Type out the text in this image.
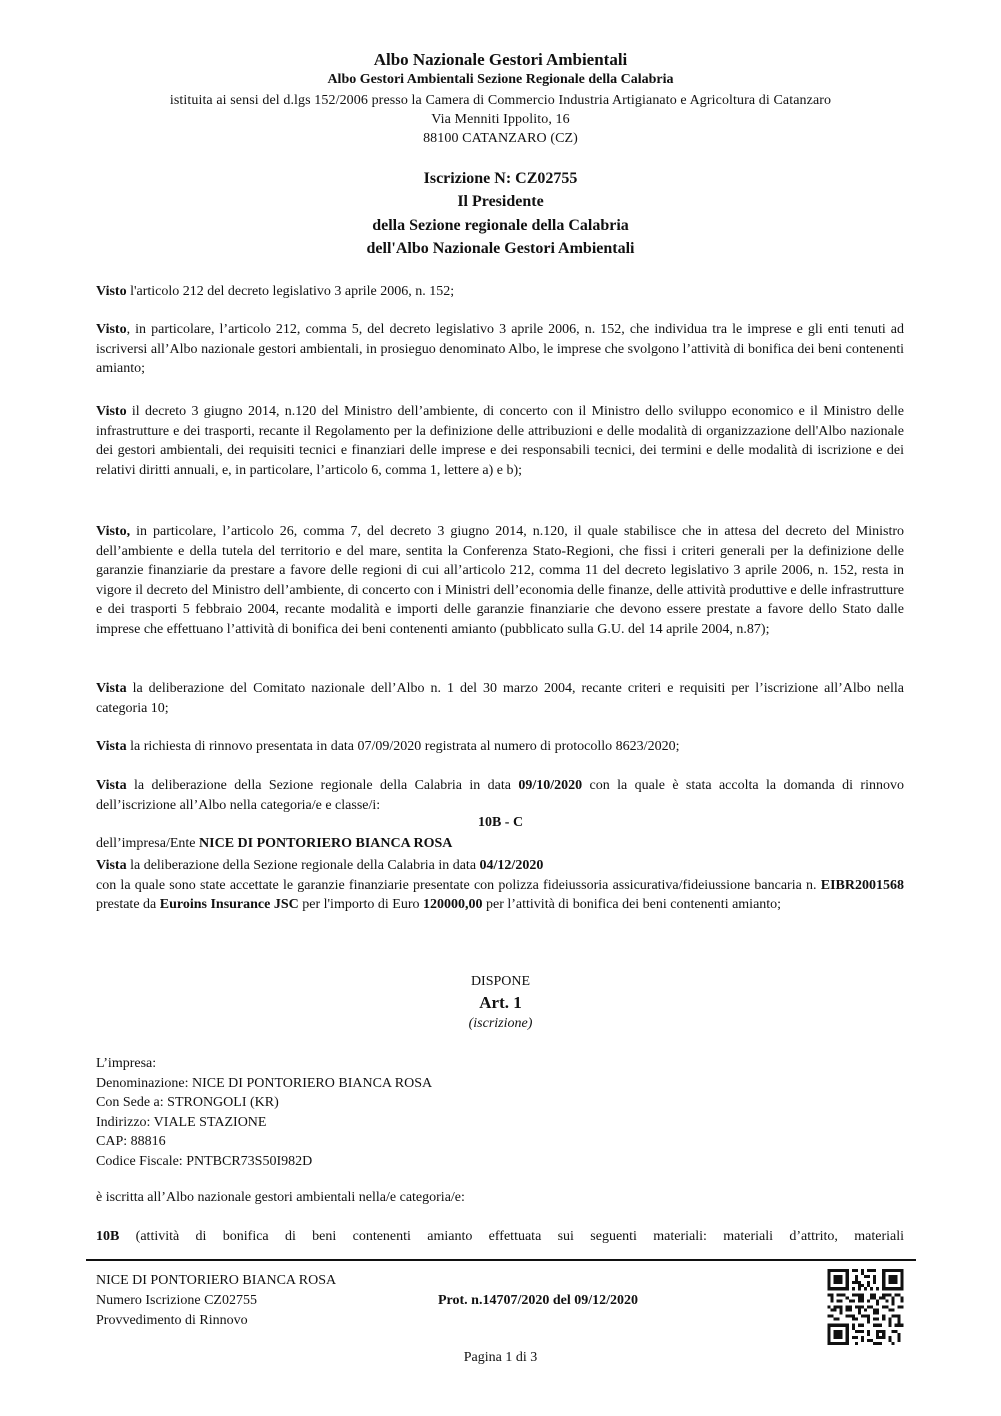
Albo Nazionale Gestori Ambientali
Albo Gestori Ambientali Sezione Regionale della Calabria
istituita ai sensi del d.lgs 152/2006 presso la Camera di Commercio Industria Artigianato e Agricoltura di Catanzaro
Via Menniti Ippolito, 16
88100 CATANZARO (CZ)
Iscrizione N: CZ02755
Il Presidente
della Sezione regionale della Calabria
dell'Albo Nazionale Gestori Ambientali
Visto l'articolo 212 del decreto legislativo 3 aprile 2006, n. 152;
Visto, in particolare, l’articolo 212, comma 5, del decreto legislativo 3 aprile 2006, n. 152, che individua tra le imprese e gli enti tenuti ad iscriversi all’Albo nazionale gestori ambientali, in prosieguo denominato Albo, le imprese che svolgono l’attività di bonifica dei beni contenenti amianto;
Visto il decreto 3 giugno 2014, n.120 del Ministro dell’ambiente, di concerto con il Ministro dello sviluppo economico e il Ministro delle infrastrutture e dei trasporti, recante il Regolamento per la definizione delle attribuzioni e delle modalità di organizzazione dell'Albo nazionale dei gestori ambientali, dei requisiti tecnici e finanziari delle imprese e dei responsabili tecnici, dei termini e delle modalità di iscrizione e dei relativi diritti annuali, e, in particolare, l’articolo 6, comma 1, lettere a) e b);
Visto, in particolare, l’articolo 26, comma 7, del decreto 3 giugno 2014, n.120, il quale stabilisce che in attesa del decreto del Ministro dell’ambiente e della tutela del territorio e del mare, sentita la Conferenza Stato-Regioni, che fissi i criteri generali per la definizione delle garanzie finanziarie da prestare a favore delle regioni di cui all’articolo 212, comma 11 del decreto legislativo 3 aprile 2006, n. 152, resta in vigore il decreto del Ministro dell’ambiente, di concerto con i Ministri dell’economia delle finanze, delle attività produttive e delle infrastrutture e dei trasporti 5 febbraio 2004, recante modalità e importi delle garanzie finanziarie che devono essere prestate a favore dello Stato dalle imprese che effettuano l’attività di bonifica dei beni contenenti amianto (pubblicato sulla G.U. del 14 aprile 2004, n.87);
Vista la deliberazione del Comitato nazionale dell’Albo n. 1 del 30 marzo 2004, recante criteri e requisiti per l’iscrizione all’Albo nella categoria 10;
Vista la richiesta di rinnovo presentata in data 07/09/2020 registrata al numero di protocollo 8623/2020;
Vista la deliberazione della Sezione regionale della Calabria in data 09/10/2020 con la quale è stata accolta la domanda di rinnovo dell’iscrizione all’Albo nella categoria/e e classe/i:
10B - C
dell’impresa/Ente NICE DI PONTORIERO BIANCA ROSA
Vista la deliberazione della Sezione regionale della Calabria in data 04/12/2020
con la quale sono state accettate le garanzie finanziarie presentate con polizza fideiussoria assicurativa/fideiussione bancaria n. EIBR2001568 prestate da Euroins Insurance JSC per l'importo di Euro 120000,00 per l’attività di bonifica dei beni contenenti amianto;
DISPONE
Art. 1
(iscrizione)
L’impresa:
Denominazione: NICE DI PONTORIERO BIANCA ROSA
Con Sede a: STRONGOLI (KR)
Indirizzo: VIALE STAZIONE
CAP: 88816
Codice Fiscale: PNTBCR73S50I982D
è iscritta all’Albo nazionale gestori ambientali nella/e categoria/e:
10B (attività di bonifica di beni contenenti amianto effettuata sui seguenti materiali: materiali d’attrito, materiali
NICE DI PONTORIERO BIANCA ROSA
Numero Iscrizione CZ02755
Provvedimento di Rinnovo
Prot. n.14707/2020 del 09/12/2020
Pagina 1 di 3
